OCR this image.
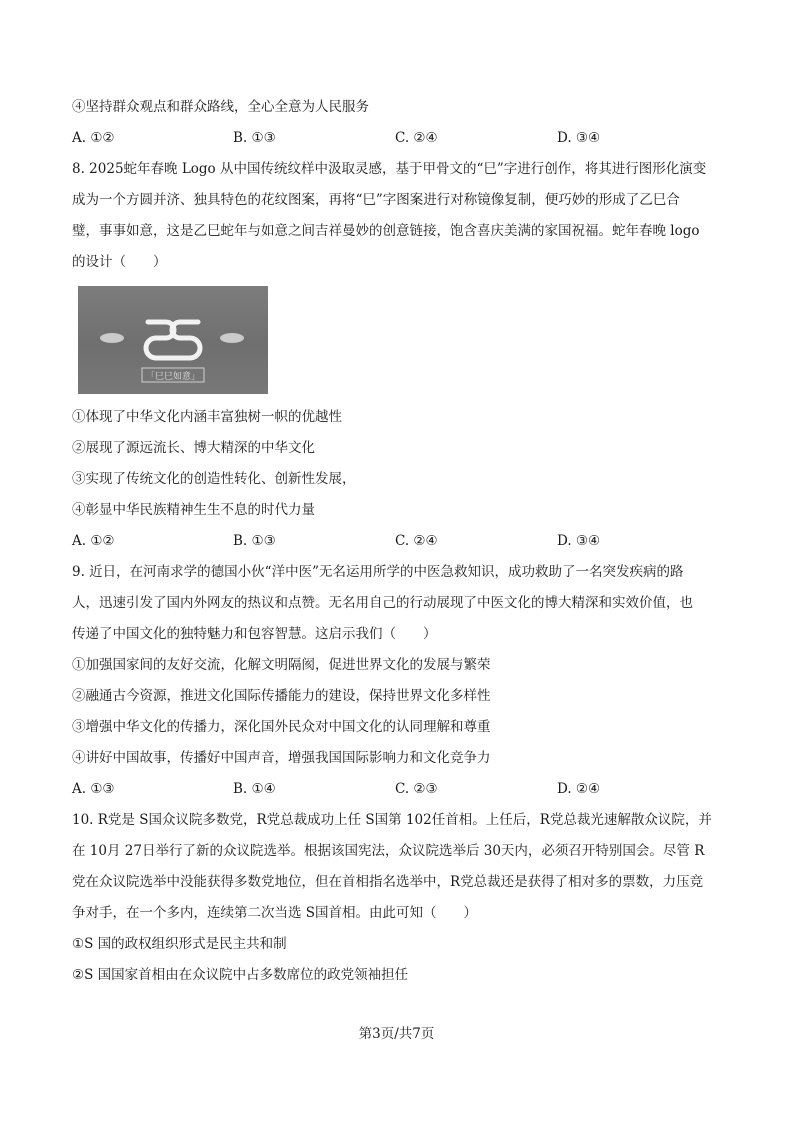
④坚持群众观点和群众路线，全心全意为人民服务
A. ①②	B. ①③	C. ②④	D. ③④
8. 2025蛇年春晚 Logo 从中国传统纹样中汲取灵感，基于甲骨文的“巳”字进行创作，将其进行图形化演变
成为一个方圆并济、独具特色的花纹图案，再将“巳”字图案进行对称镜像复制，便巧妙的形成了乙巳合
璧，事事如意，这是乙巳蛇年与如意之间吉祥曼妙的创意链接，饱含喜庆美满的家国祝福。蛇年春晚 logo
的设计（　　）
「巳巳如意」
①体现了中华文化内涵丰富独树一帜的优越性
②展现了源远流长、博大精深的中华文化
③实现了传统文化的创造性转化、创新性发展，
④彰显中华民族精神生生不息的时代力量
A. ①②	B. ①③	C. ②④	D. ③④
9. 近日，在河南求学的德国小伙“洋中医”无名运用所学的中医急救知识，成功救助了一名突发疾病的路
人，迅速引发了国内外网友的热议和点赞。无名用自己的行动展现了中医文化的博大精深和实效价值，也
传递了中国文化的独特魅力和包容智慧。这启示我们（　　）
①加强国家间的友好交流，化解文明隔阂，促进世界文化的发展与繁荣
②融通古今资源，推进文化国际传播能力的建设，保持世界文化多样性
③增强中华文化的传播力，深化国外民众对中国文化的认同理解和尊重
④讲好中国故事，传播好中国声音，增强我国国际影响力和文化竞争力
A. ①③	B. ①④	C. ②③	D. ②④
10. R党是 S国众议院多数党，R党总裁成功上任 S国第 102任首相。上任后，R党总裁光速解散众议院，并
在 10月 27日举行了新的众议院选举。根据该国宪法，众议院选举后 30天内，必须召开特别国会。尽管 R
党在众议院选举中没能获得多数党地位，但在首相指名选举中，R党总裁还是获得了相对多的票数，力压竞
争对手，在一个多内，连续第二次当选 S国首相。由此可知（　　）
①S 国的政权组织形式是民主共和制
②S 国国家首相由在众议院中占多数席位的政党领袖担任
第3页/共7页
